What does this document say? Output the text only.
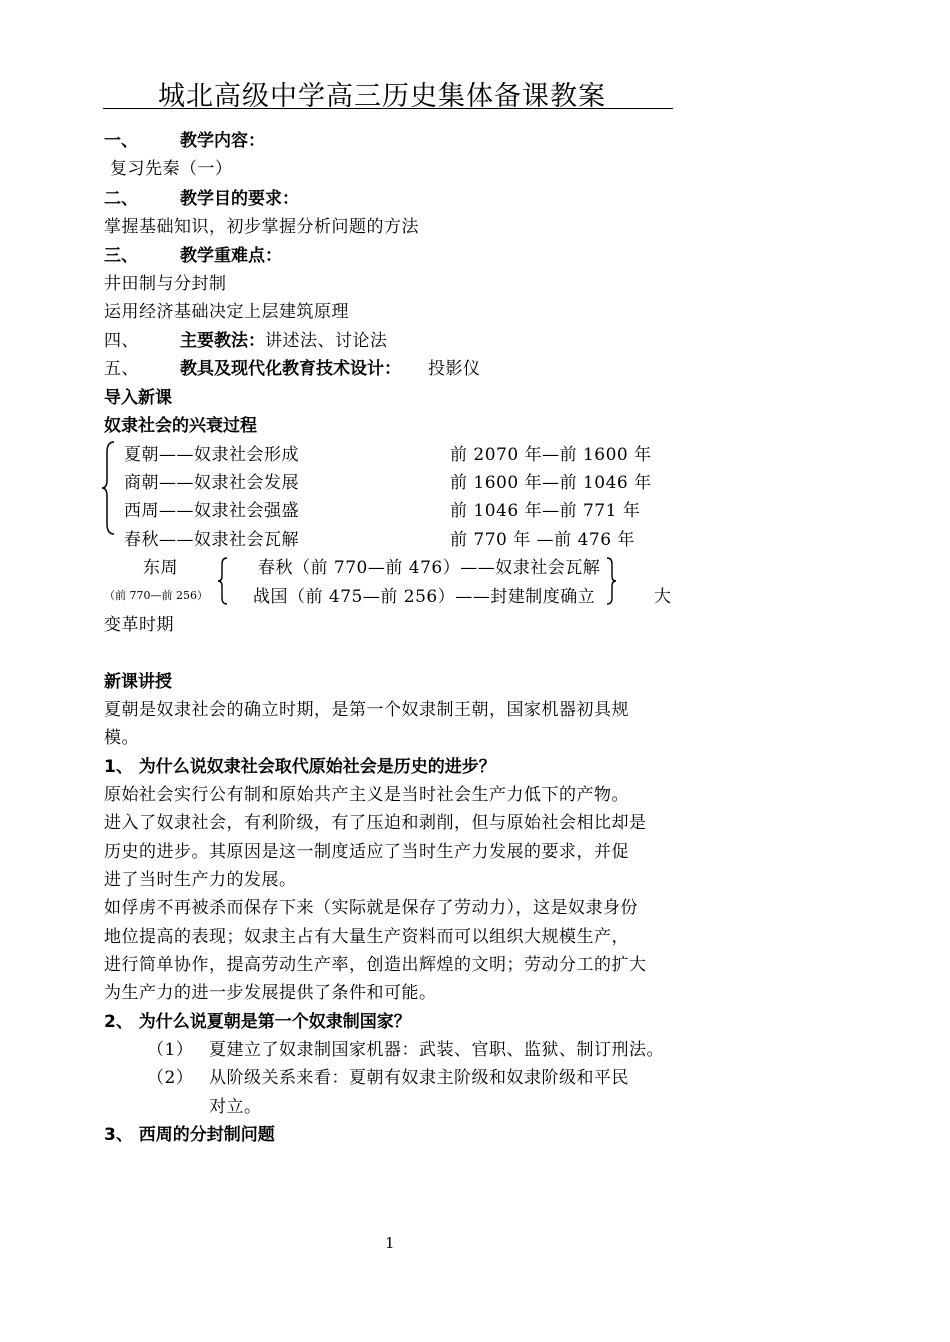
城北高级中学高三历史集体备课教案
一、 教学内容：
复习先秦（一）
二、 教学目的要求：
掌握基础知识，初步掌握分析问题的方法
三、 教学重难点：
井田制与分封制
运用经济基础决定上层建筑原理
四、 主要教法： 讲述法、讨论法
五、 教具及现代化教育技术设计： 投影仪
导入新课
奴隶社会的兴衰过程
夏朝——奴隶社会形成	前 2070 年—前 1600 年
商朝——奴隶社会发展	前 1600 年—前 1046 年
西周——奴隶社会强盛	前 1046 年—前 771 年
春秋——奴隶社会瓦解	前 770 年 —前 476 年
东周
（前 770—前 256）
春秋（前 770—前 476）——奴隶社会瓦解
战国（前 475—前 256）——封建制度确立	大
变革时期
新课讲授
夏朝是奴隶社会的确立时期，是第一个奴隶制王朝，国家机器初具规
模。
1、 为什么说奴隶社会取代原始社会是历史的进步？
原始社会实行公有制和原始共产主义是当时社会生产力低下的产物。
进入了奴隶社会，有利阶级，有了压迫和剥削，但与原始社会相比却是
历史的进步。其原因是这一制度适应了当时生产力发展的要求，并促
进了当时生产力的发展。
如俘虏不再被杀而保存下来（实际就是保存了劳动力），这是奴隶身份
地位提高的表现；奴隶主占有大量生产资料而可以组织大规模生产，
进行简单协作，提高劳动生产率，创造出辉煌的文明；劳动分工的扩大
为生产力的进一步发展提供了条件和可能。
2、 为什么说夏朝是第一个奴隶制国家？
（1） 夏建立了奴隶制国家机器：武装、官职、监狱、制订刑法。
（2） 从阶级关系来看：夏朝有奴隶主阶级和奴隶阶级和平民
对立。
3、 西周的分封制问题
1
